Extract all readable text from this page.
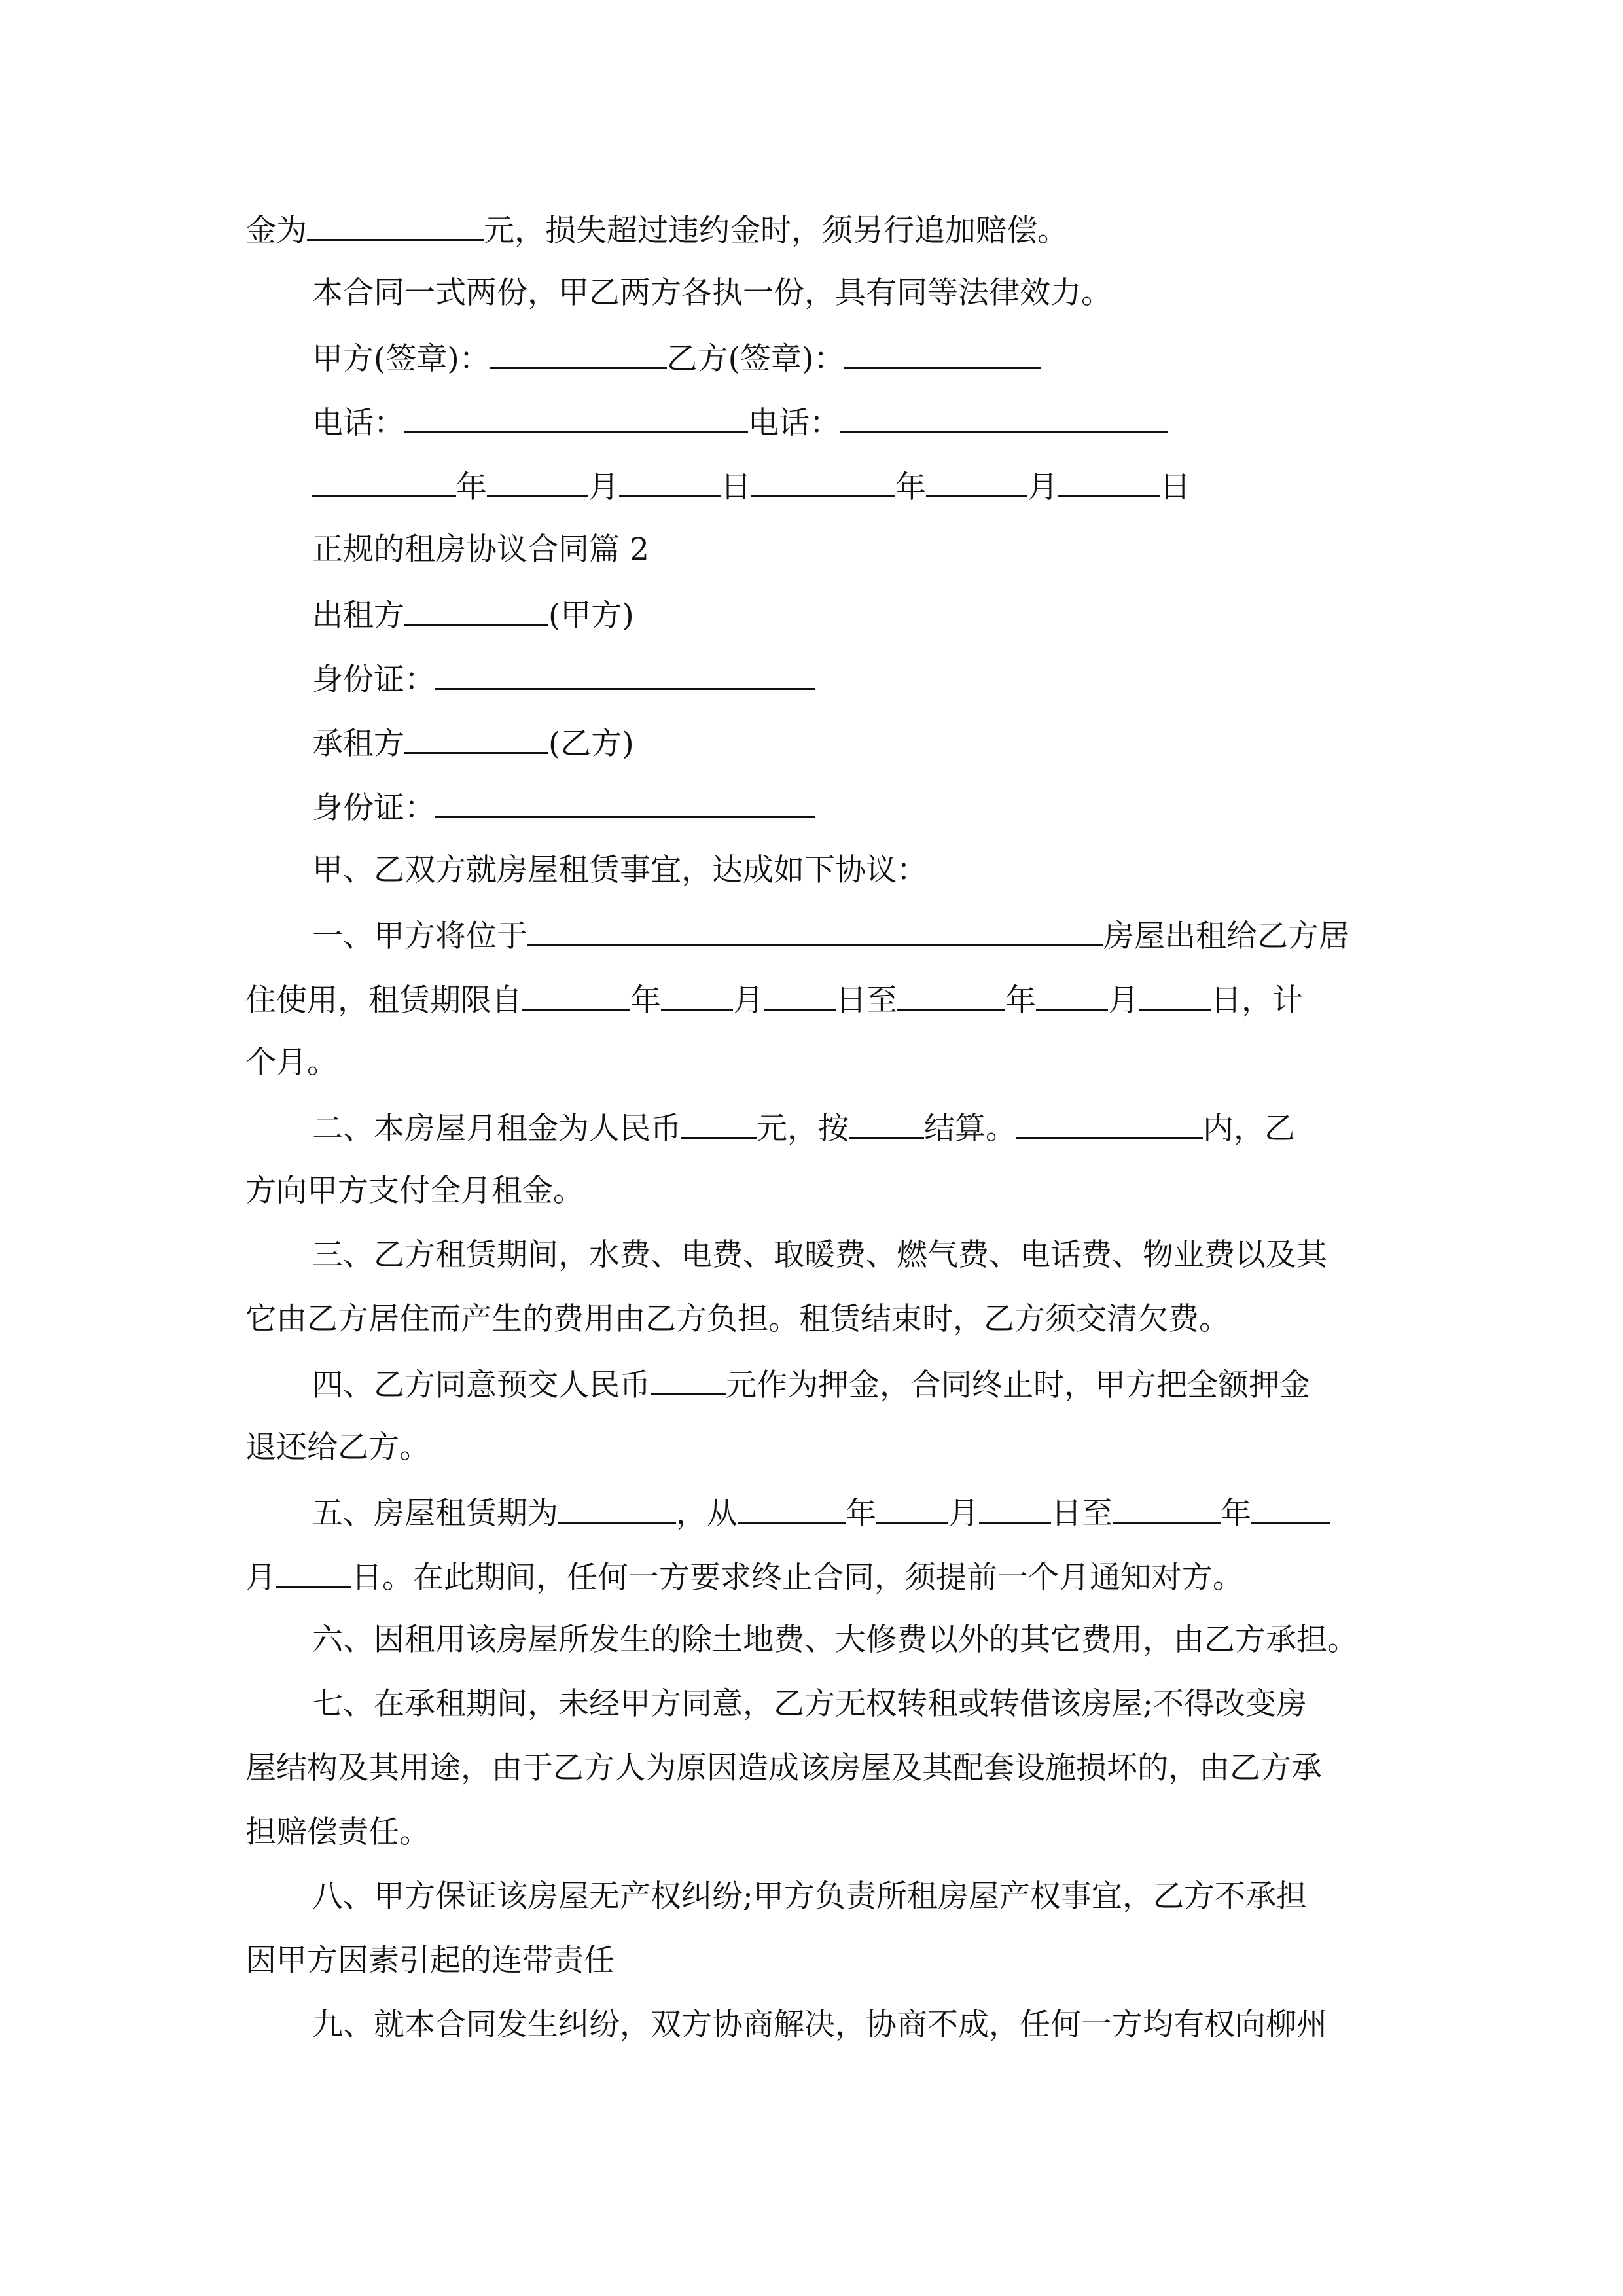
金为	元，损失超过违约金时，须另行追加赔偿。
本合同一式两份，甲乙两方各执一份，具有同等法律效力。
甲方(签章)：	乙方(签章)：
电话：	电话：
年	月	日	年	月	日
正规的租房协议合同篇 2
出租方	(甲方)
身份证：
承租方	(乙方)
身份证：
甲、乙双方就房屋租赁事宜，达成如下协议：
一、甲方将位于	房屋出租给乙方居
住使用，租赁期限自	年 月 日至	年 月 日，计
个月。
二、本房屋月租金为人民币 元，按 结算。	内，乙
方向甲方支付全月租金。
三、乙方租赁期间，水费、电费、取暖费、燃气费、电话费、物业费以及其
它由乙方居住而产生的费用由乙方负担。租赁结束时，乙方须交清欠费。
四、乙方同意预交人民币 元作为押金，合同终止时，甲方把全额押金
退还给乙方。
五、房屋租赁期为	，从	年 月 日至	年
月 日。在此期间，任何一方要求终止合同，须提前一个月通知对方。
六、因租用该房屋所发生的除土地费、大修费以外的其它费用，由乙方承担。
七、在承租期间，未经甲方同意，乙方无权转租或转借该房屋;不得改变房
屋结构及其用途，由于乙方人为原因造成该房屋及其配套设施损坏的，由乙方承
担赔偿责任。
八、甲方保证该房屋无产权纠纷;甲方负责所租房屋产权事宜，乙方不承担
因甲方因素引起的连带责任
九、就本合同发生纠纷，双方协商解决，协商不成，任何一方均有权向柳州
